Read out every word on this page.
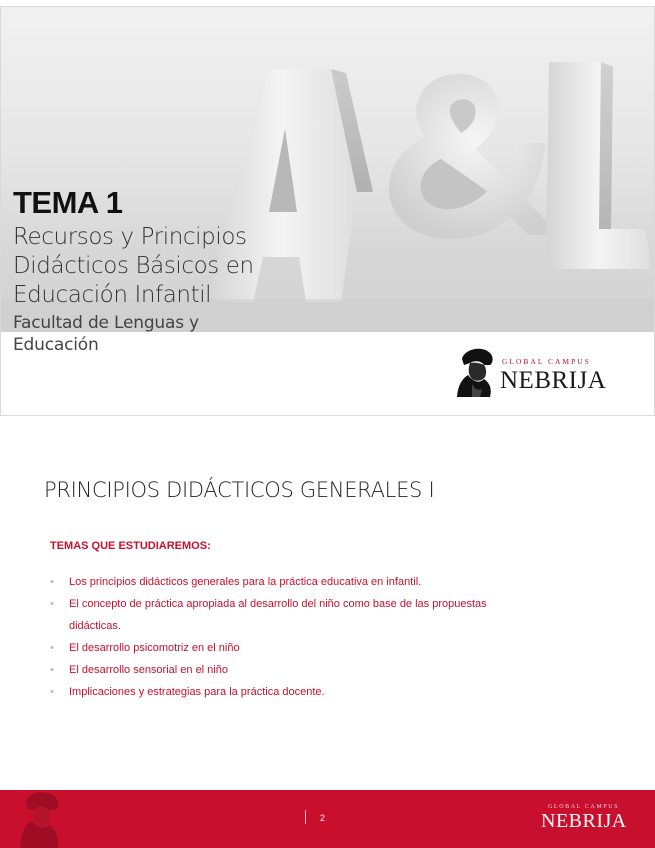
TEMA 1
Recursos y Principios
Didácticos Básicos en
Educación Infantil
Facultad de Lenguas y
Educación
GLOBAL CAMPUS
NEBRIJA
PRINCIPIOS DIDÁCTICOS GENERALES I
TEMAS QUE ESTUDIAREMOS:
• Los principios didácticos generales para la práctica educativa en infantil.
• El concepto de práctica apropiada al desarrollo del niño como base de las propuestas
didácticas.
• El desarrollo psicomotriz en el niño
• El desarrollo sensorial en el niño
• Implicaciones y estrategias para la práctica docente.
2
GLOBAL CAMPUS
NEBRIJA
